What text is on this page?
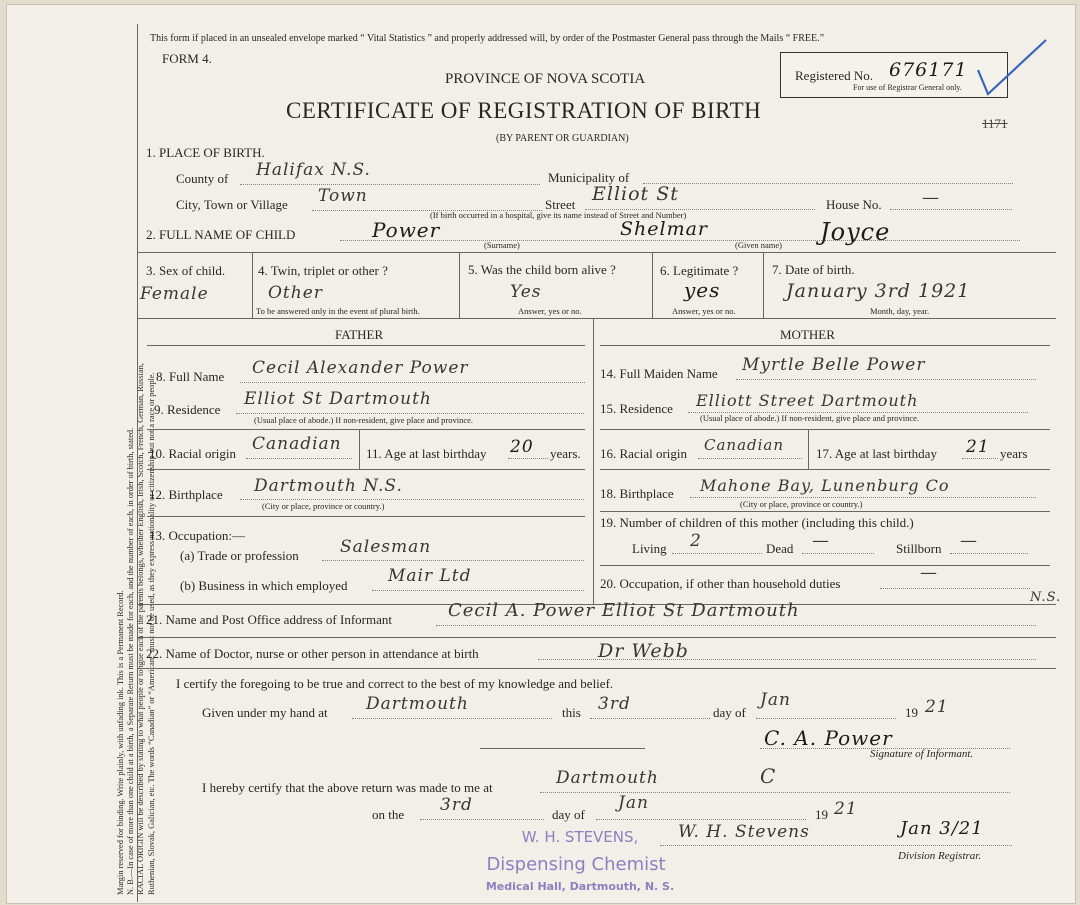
Margin reserved for binding. Write plainly, with unfading ink. This is a Permanent Record. N. B.—In case of more than one child at a birth, a Separate Return must be made for each, and the number of each, in order of birth, stated. RACIAL ORIGIN will be described by stating to what people or tongue each of the parents belongs, whether English, Irish, Scotch, French, German, Russian, Ruthenian, Slovak, Galician, etc. The words “Canadian” or “American” must not be used, as they express nationality or citizenship but not a race or people.
This form if placed in an unsealed envelope marked “ Vital Statistics ” and properly addressed will, by order of the Postmaster General pass through the Mails “ FREE.”
FORM 4.
PROVINCE OF NOVA SCOTIA
CERTIFICATE OF REGISTRATION OF BIRTH
(BY PARENT OR GUARDIAN)
Registered No. 676171
For use of Registrar General only.
1171
1. PLACE OF BIRTH.
County of Halifax N.S.	Municipality of
City, Town or Village Town	Street Elliot St	House No. —
(If birth occurred in a hospital, give its name instead of Street and Number)
2. FULL NAME OF CHILD	Power
(Surname)
Shelmar
(Given name) Joyce
3. Sex of child.
Female
4. Twin, triplet or other ?
Other
To be answered only in the event of plural birth.
5. Was the child born alive ?
Yes
Answer, yes or no.
6. Legitimate ?
yes
Answer, yes or no.
7. Date of birth.
January 3rd 1921
Month, day, year.
FATHER	MOTHER
8. Full Name Cecil Alexander Power
9. Residence
Elliot St Dartmouth
(Usual place of abode.) If non-resident, give place and province.
10. Racial origin Canadian 11. Age at last birthday 20 years.
12. Birthplace Dartmouth N.S.
(City or place, province or country.)
13. Occupation:—
(a) Trade or profession Salesman
(b) Business in which employed Mair Ltd
14. Full Maiden Name Myrtle Belle Power
15. Residence Elliott Street Dartmouth
(Usual place of abode.) If non-resident, give place and province.
16. Racial origin Canadian 17. Age at last birthday 21 years
18. Birthplace Mahone Bay, Lunenburg Co
(City or place, province or country.)
19. Number of children of this mother (including this child.)
Living 2	Dead —	Stillborn —
20. Occupation, if other than household duties
—
21. Name and Post Office address of Informant	Cecil A. Power Elliot St Dartmouth
N.S.
22. Name of Doctor, nurse or other person in attendance at birth	Dr Webb
I certify the foregoing to be true and correct to the best of my knowledge and belief.
Given under my hand at Dartmouth	this 3rd	day of
Jan
19 21
C. A. Power
Signature of Informant.
I hereby certify that the above return was made to me at	Dartmouth	C
on the 3rd	day of
Jan
19 21
W. H. Stevens	Jan 3/21
Division Registrar.
W. H. STEVENS,
Dispensing Chemist
Medical Hall, Dartmouth, N. S.
